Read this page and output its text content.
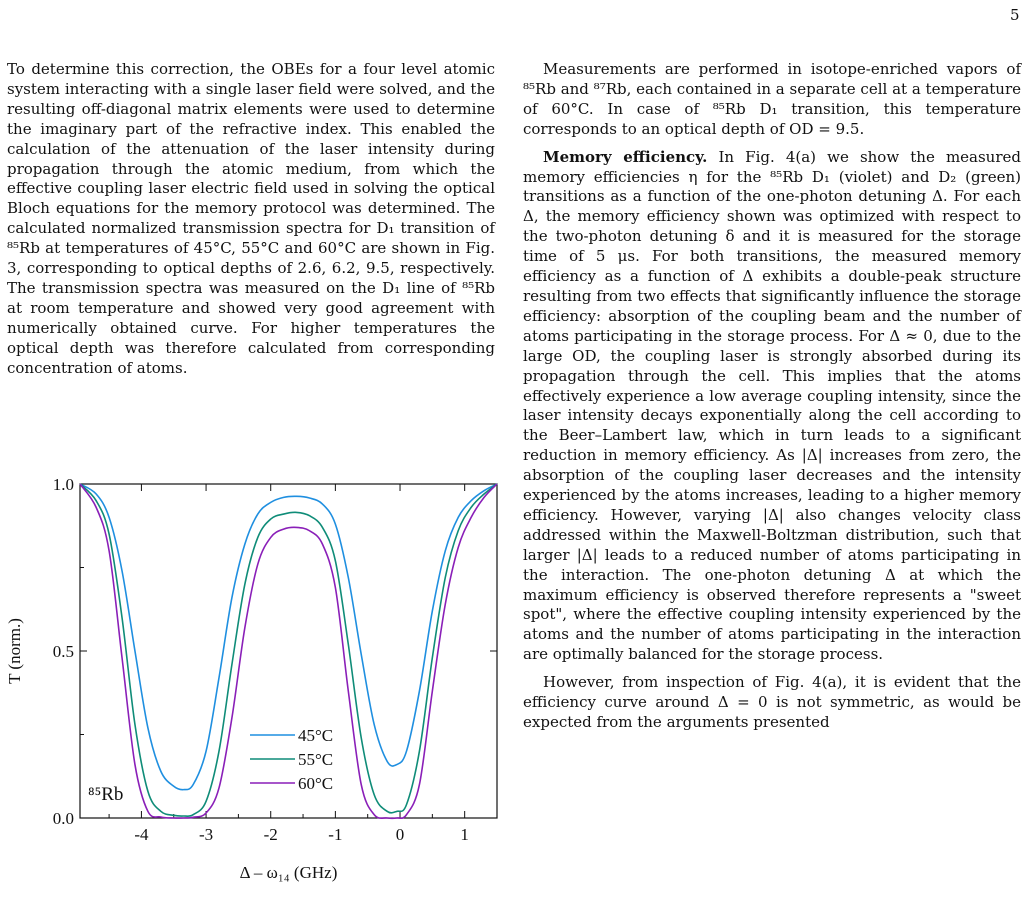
5

To determine this correction, the OBEs for a four level atomic system interacting with a single laser field were solved, and the resulting off-diagonal matrix elements were used to determine the imaginary part of the refractive index. This enabled the calculation of the attenuation of the laser intensity during propagation through the atomic medium, from which the effective coupling laser electric field used in solving the optical Bloch equations for the memory protocol was determined. The calculated normalized transmission spectra for D₁ transition of ⁸⁵Rb at temperatures of 45°C, 55°C and 60°C are shown in Fig. 3, corresponding to optical depths of 2.6, 6.2, 9.5, respectively. The transmission spectra was measured on the D₁ line of ⁸⁵Rb at room temperature and showed very good agreement with numerically obtained curve. For higher temperatures the optical depth was therefore calculated from corresponding concentration of atoms.

-4	-3	-2	-1	0	1
0.0
0.5
1.0
Δ – ω₁₄ (GHz)
T (norm.)
45°C
55°C
60°C
⁸⁵Rb

Measurements are performed in isotope-enriched vapors of ⁸⁵Rb and ⁸⁷Rb, each contained in a separate cell at a temperature of 60°C. In case of ⁸⁵Rb D₁ transition, this temperature corresponds to an optical depth of OD = 9.5.

Memory efficiency. In Fig. 4(a) we show the measured memory efficiencies η for the ⁸⁵Rb D₁ (violet) and D₂ (green) transitions as a function of the one-photon detuning Δ. For each Δ, the memory efficiency shown was optimized with respect to the two-photon detuning δ and it is measured for the storage time of 5 μs. For both transitions, the measured memory efficiency as a function of Δ exhibits a double-peak structure resulting from two effects that significantly influence the storage efficiency: absorption of the coupling beam and the number of atoms participating in the storage process. For Δ ≈ 0, due to the large OD, the coupling laser is strongly absorbed during its propagation through the cell. This implies that the atoms effectively experience a low average coupling intensity, since the laser intensity decays exponentially along the cell according to the Beer–Lambert law, which in turn leads to a significant reduction in memory efficiency. As |Δ| increases from zero, the absorption of the coupling laser decreases and the intensity experienced by the atoms increases, leading to a higher memory efficiency. However, varying |Δ| also changes velocity class addressed within the Maxwell-Boltzman distribution, such that larger |Δ| leads to a reduced number of atoms participating in the interaction. The one-photon detuning Δ at which the maximum efficiency is observed therefore represents a "sweet spot", where the effective coupling intensity experienced by the atoms and the number of atoms participating in the interaction are optimally balanced for the storage process.

However, from inspection of Fig. 4(a), it is evident that the efficiency curve around Δ = 0 is not symmetric, as would be expected from the arguments presented
